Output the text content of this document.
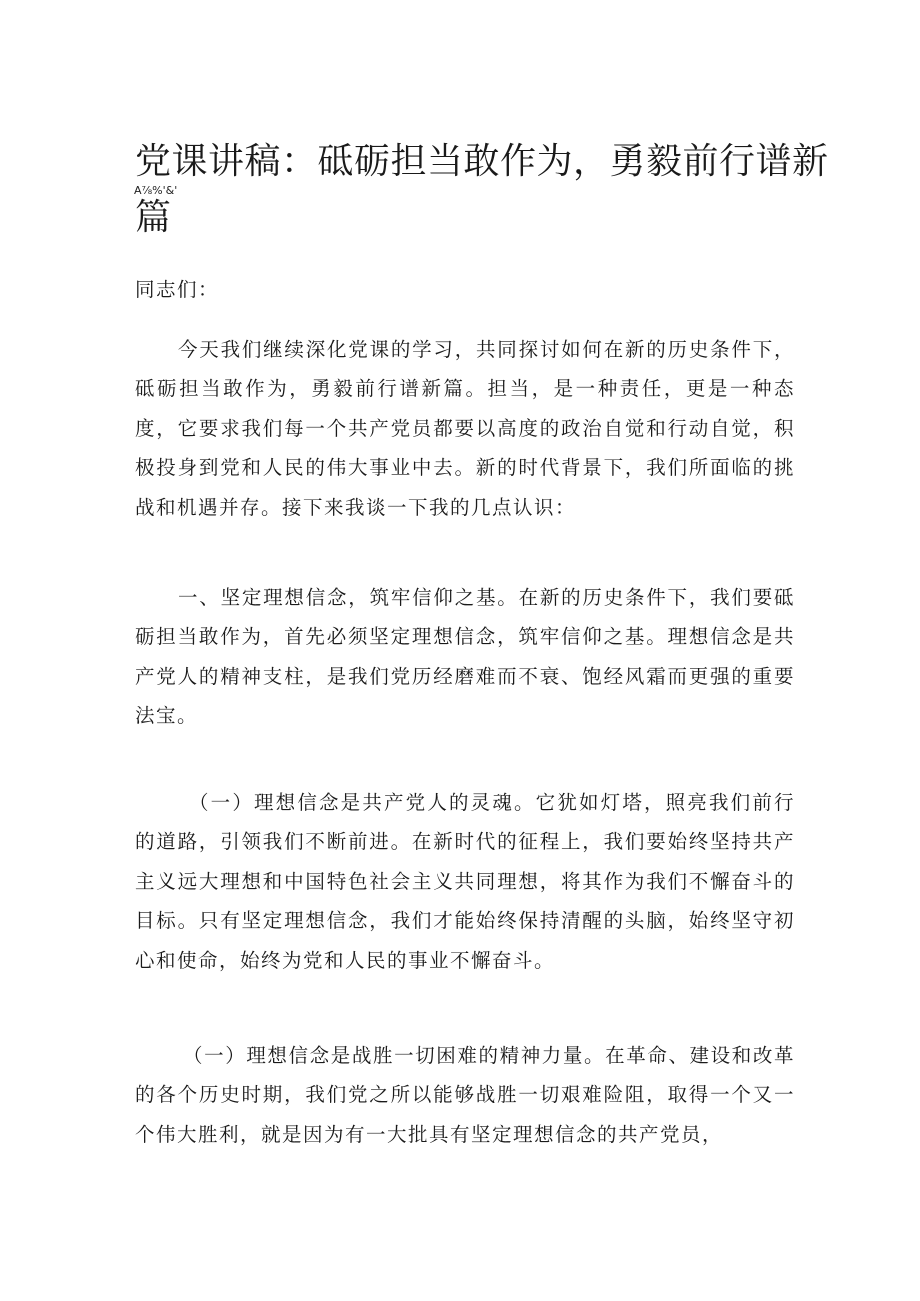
党课讲稿：砥砺担当敢作为，勇毅前行谱新
A⅞%'&'
篇
同志们：
今天我们继续深化党课的学习，共同探讨如何在新的历史条件下，砥砺担当敢作为，勇毅前行谱新篇。担当，是一种责任，更是一种态度，它要求我们每一个共产党员都要以高度的政治自觉和行动自觉，积极投身到党和人民的伟大事业中去。新的时代背景下，我们所面临的挑战和机遇并存。接下来我谈一下我的几点认识：
一、坚定理想信念，筑牢信仰之基。在新的历史条件下，我们要砥砺担当敢作为，首先必须坚定理想信念，筑牢信仰之基。理想信念是共产党人的精神支柱，是我们党历经磨难而不衰、饱经风霜而更强的重要法宝。
（一）理想信念是共产党人的灵魂。它犹如灯塔，照亮我们前行的道路，引领我们不断前进。在新时代的征程上，我们要始终坚持共产主义远大理想和中国特色社会主义共同理想，将其作为我们不懈奋斗的目标。只有坚定理想信念，我们才能始终保持清醒的头脑，始终坚守初心和使命，始终为党和人民的事业不懈奋斗。
（一）理想信念是战胜一切困难的精神力量。在革命、建设和改革的各个历史时期，我们党之所以能够战胜一切艰难险阻，取得一个又一个伟大胜利，就是因为有一大批具有坚定理想信念的共产党员，
